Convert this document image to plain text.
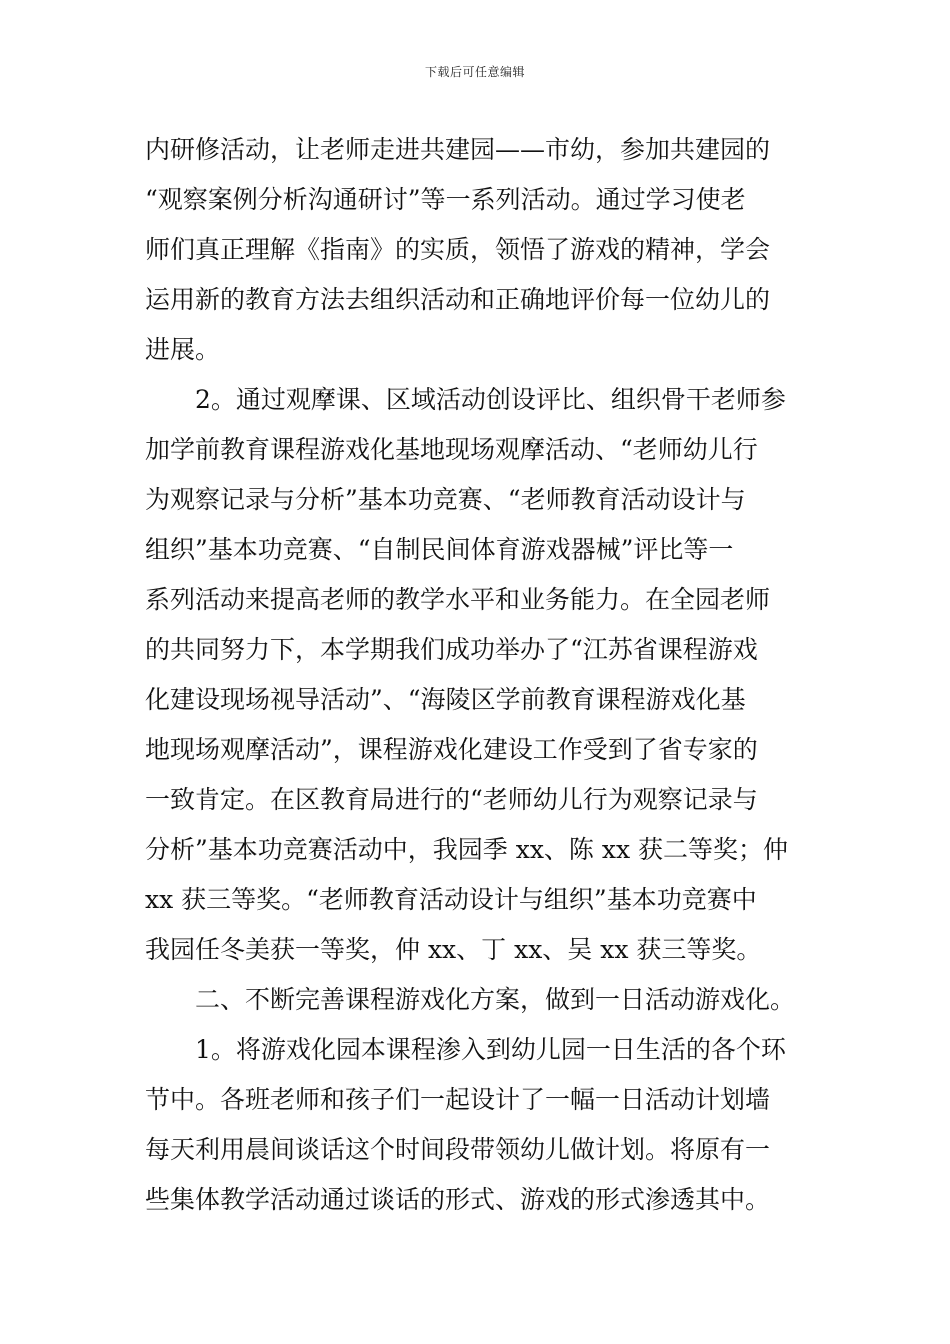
下载后可任意编辑
内研修活动，让老师走进共建园——市幼，参加共建园的
“观察案例分析沟通研讨”等一系列活动。通过学习使老
师们真正理解《指南》的实质，领悟了游戏的精神，学会
运用新的教育方法去组织活动和正确地评价每一位幼儿的
进展。
2。通过观摩课、区域活动创设评比、组织骨干老师参
加学前教育课程游戏化基地现场观摩活动、“老师幼儿行
为观察记录与分析”基本功竞赛、“老师教育活动设计与
组织”基本功竞赛、“自制民间体育游戏器械”评比等一
系列活动来提高老师的教学水平和业务能力。在全园老师
的共同努力下，本学期我们成功举办了“江苏省课程游戏
化建设现场视导活动”、“海陵区学前教育课程游戏化基
地现场观摩活动”，课程游戏化建设工作受到了省专家的
一致肯定。在区教育局进行的“老师幼儿行为观察记录与
分析”基本功竞赛活动中，我园季 xx、陈 xx 获二等奖；仲
xx 获三等奖。“老师教育活动设计与组织”基本功竞赛中
我园任冬美获一等奖，仲 xx、丁 xx、吴 xx 获三等奖。
二、不断完善课程游戏化方案，做到一日活动游戏化。
1。将游戏化园本课程渗入到幼儿园一日生活的各个环
节中。各班老师和孩子们一起设计了一幅一日活动计划墙
每天利用晨间谈话这个时间段带领幼儿做计划。将原有一
些集体教学活动通过谈话的形式、游戏的形式渗透其中。
